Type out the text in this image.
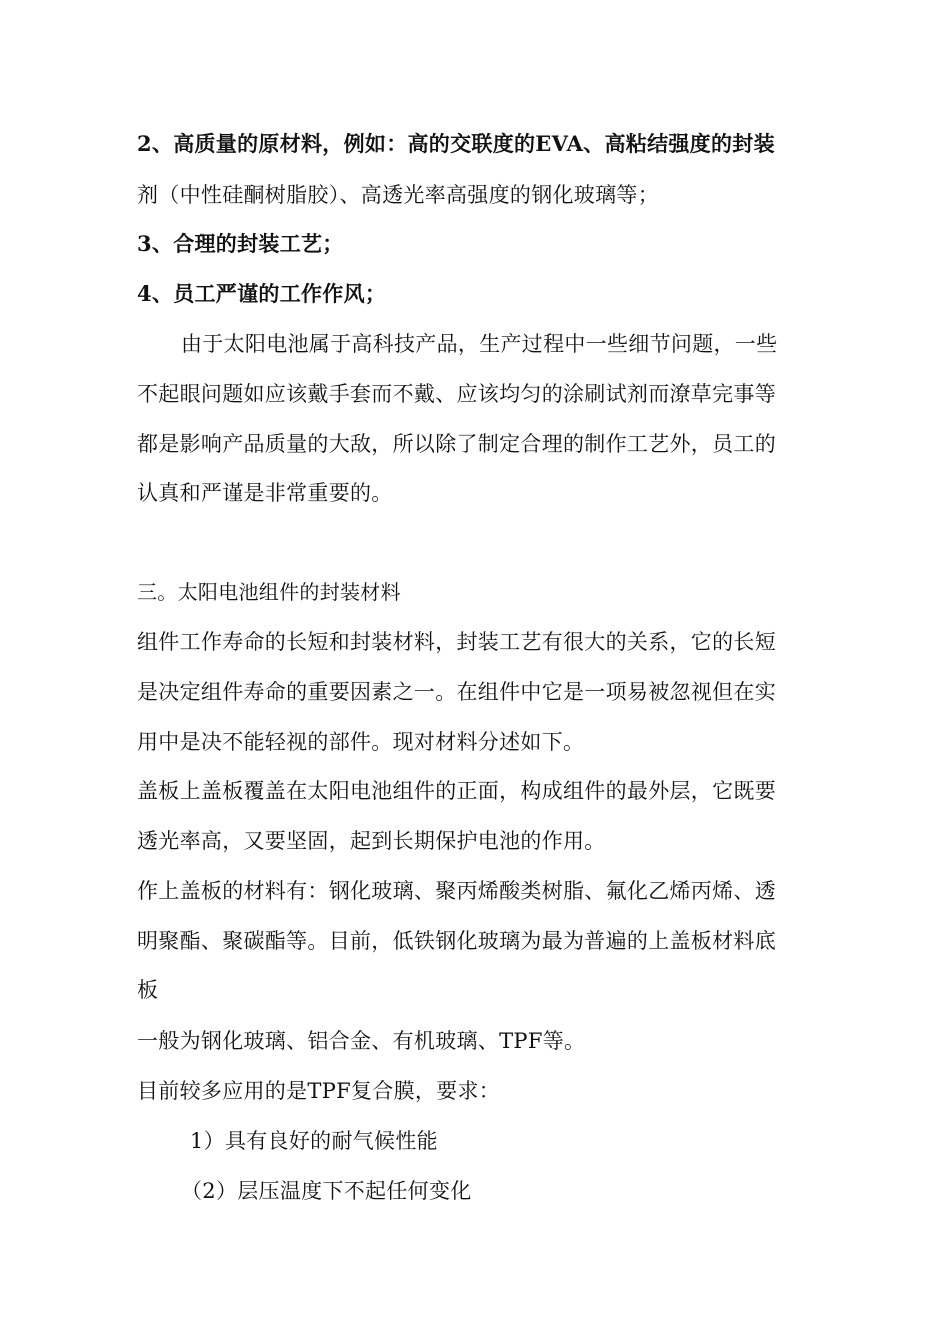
2、高质量的原材料，例如：高的交联度的EVA、高粘结强度的封装
剂（中性硅酮树脂胶）、高透光率高强度的钢化玻璃等；
3、合理的封装工艺；
4、员工严谨的工作作风；
由于太阳电池属于高科技产品，生产过程中一些细节问题，一些
不起眼问题如应该戴手套而不戴、应该均匀的涂刷试剂而潦草完事等
都是影响产品质量的大敌，所以除了制定合理的制作工艺外，员工的
认真和严谨是非常重要的。
三。太阳电池组件的封装材料
组件工作寿命的长短和封装材料，封装工艺有很大的关系，它的长短
是决定组件寿命的重要因素之一。在组件中它是一项易被忽视但在实
用中是决不能轻视的部件。现对材料分述如下。
盖板上盖板覆盖在太阳电池组件的正面，构成组件的最外层，它既要
透光率高，又要坚固，起到长期保护电池的作用。
作上盖板的材料有：钢化玻璃、聚丙烯酸类树脂、氟化乙烯丙烯、透
明聚酯、聚碳酯等。目前，低铁钢化玻璃为最为普遍的上盖板材料底
板
一般为钢化玻璃、铝合金、有机玻璃、TPF等。
目前较多应用的是TPF复合膜，要求：
1）具有良好的耐气候性能
（2）层压温度下不起任何变化
